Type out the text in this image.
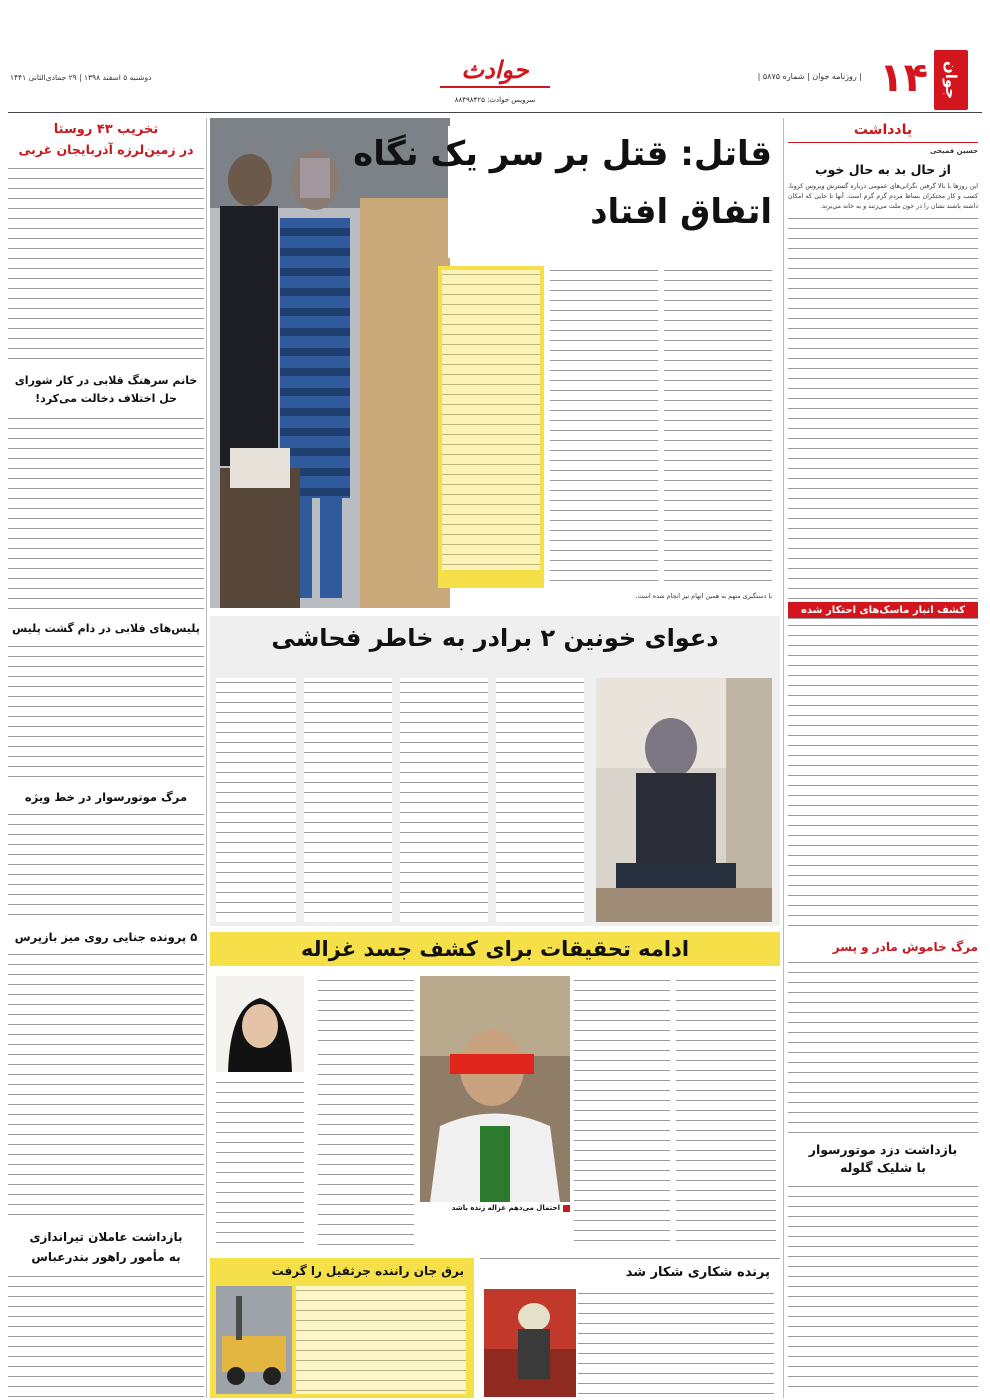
جوان
۱۴
| روزنامه جوان | شماره ۵۸۷۵ |
حوادث
سرویس حوادث: ۸۸۴۹۸۴۲۵
دوشنبه ۵ اسفند ۱۳۹۸ | ۲۹ جمادی‌الثانی ۱۴۴۱
یادداشت
حسین قمیحی
از حال بد به حال خوب
این روزها با بالا گرفتن نگرانی‌های عمومی درباره گسترش ویروس کرونا، کسب و کار محتکران بساط مردم گرم گرم است. آنها تا جایی که امکان داشته باشند نشان را در خون ملت می‌زنند و به خانه می‌برند.
کشف انبار ماسک‌های احتکار شده
مرگ خاموش مادر و پسر
بازداشت دزد موتورسوار
با شلیک گلوله
قاتل: قتل بر سر یک نگاه
اتفاق افتاد
با دستگیری متهم به همین اتهام نیز انجام شده است.
دعوای خونین ۲ برادر به خاطر فحاشی
ادامه تحقیقات برای کشف جسد غزاله
احتمال می‌دهم غزاله زنده باشد
پرنده شکاری شکار شد
برق جان راننده جرثقیل را گرفت
تخریب ۴۳ روستا
در زمین‌لرزه آذربایجان غربی
خانم سرهنگ قلابی در کار شورای
حل اختلاف دخالت می‌کرد!
پلیس‌های قلابی در دام گشت پلیس
مرگ موتورسوار در خط ویژه
۵ پرونده جنایی روی میز بازپرس
بازداشت عاملان تیراندازی
به مأمور راهور بندرعباس
